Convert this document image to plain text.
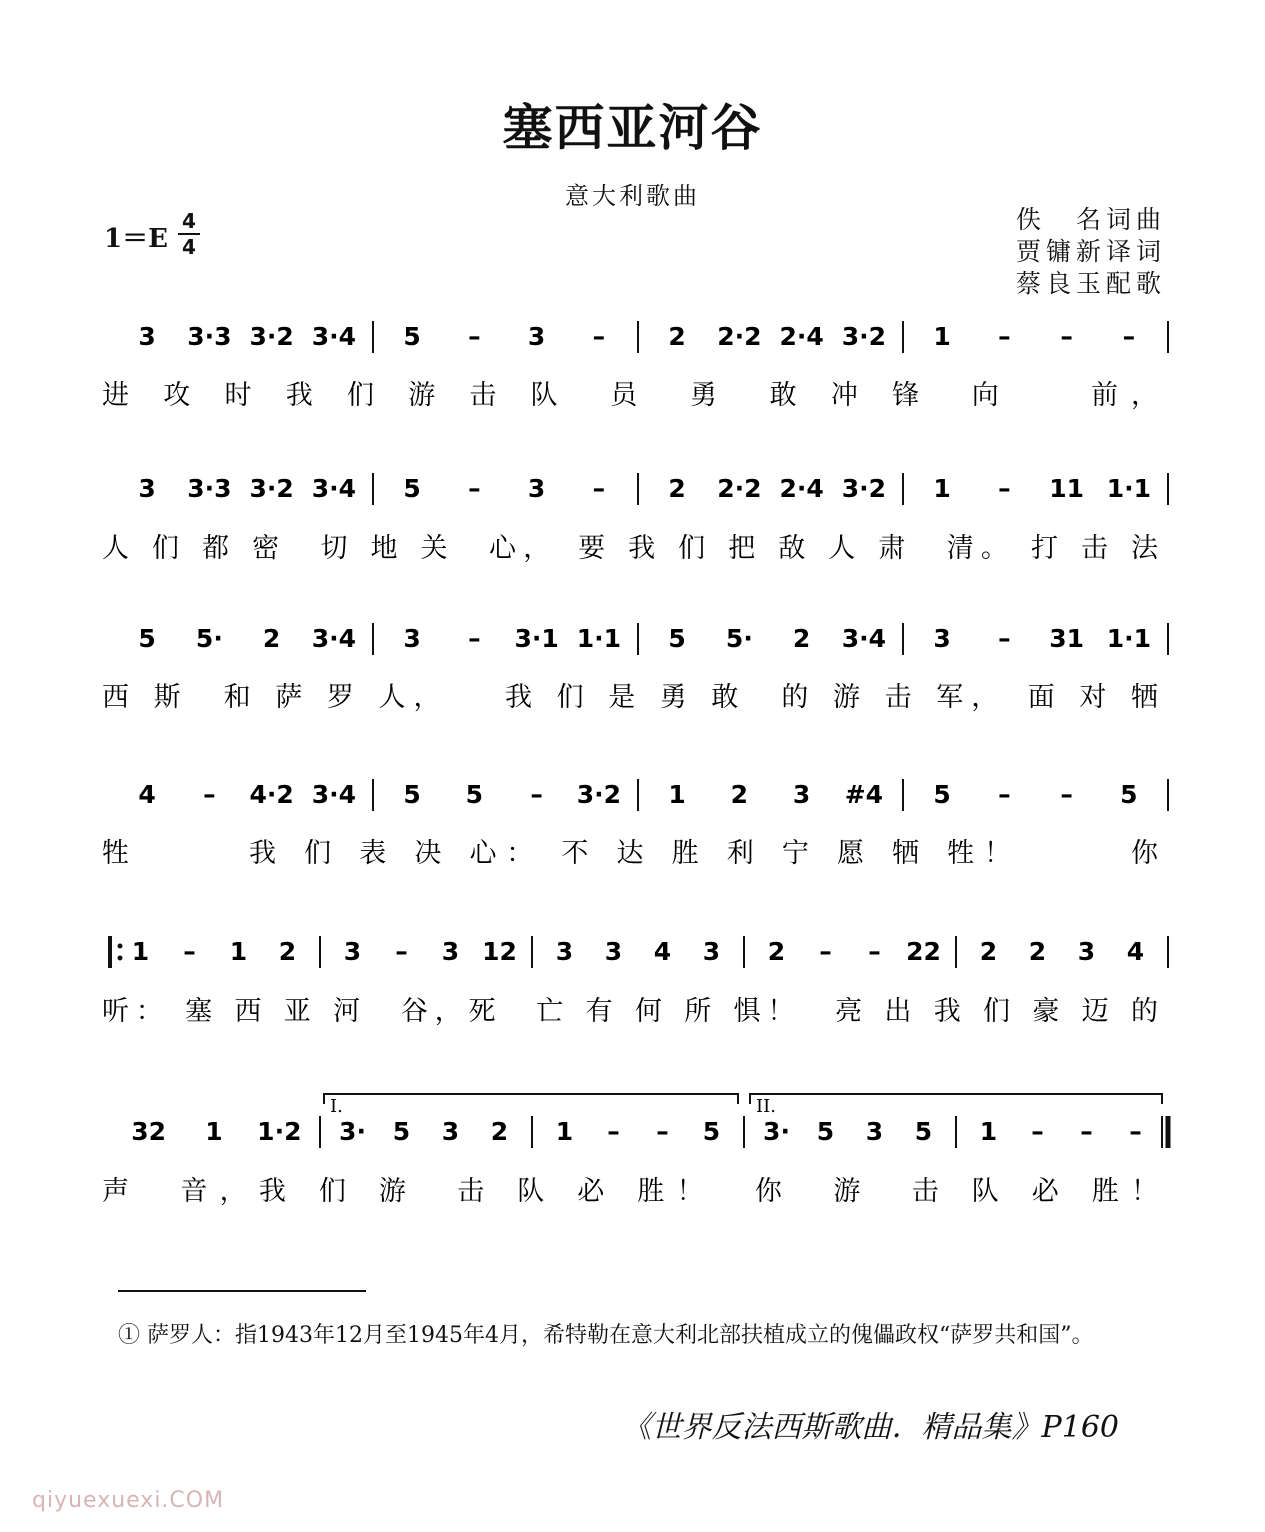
塞西亚河谷
意大利歌曲
1＝E
4
4
佚　名词曲
贾镛新译词
蔡良玉配歌
3 3·3 3·2 3·4 5 – 3 –	2 2·2 2·4 3·2 1 – – –
进 攻 时 我 们 游 击 队　员　勇　敢 冲 锋　向　　前，
3 3·3 3·2 3·4 5 – 3 –	2 2·2 2·4 3·2 1 – 11 1·1
人 们 都 密　切 地 关　心，　要 我 们 把 敌 人 肃　清。 打 击 法
5 5· 2 3·4 3 – 3·1 1·1 5 5· 2 3·4 3 – 31 1·1
西 斯　和 萨 罗 人，　　我 们 是 勇 敢　的 游 击 军，　面 对 牺
4 – 4·2 3·4 5 5 – 3·2 1 2 3 #4 5 – – 5
牲　　　我 们 表 决 心： 不 达 胜 利 宁 愿 牺 牲！　　　你
1 – 1 2 3 – 3 12 3 3 4 3 2 – – 22 2 2 3 4
听： 塞 西 亚 河　谷，死　亡 有 何 所 惧！　亮 出 我 们 豪 迈 的
32 1 1·2 3· 5 3 2 1 – – 5 3· 5 3 5 1 – – –
I.	II.
声　音，我 们 游　击 队 必 胜！　你　游　击 队 必 胜！
① 萨罗人：指1943年12月至1945年4月，希特勒在意大利北部扶植成立的傀儡政权“萨罗共和国”。
《世界反法西斯歌曲．精品集》P160
qiyuexuexi.COM
